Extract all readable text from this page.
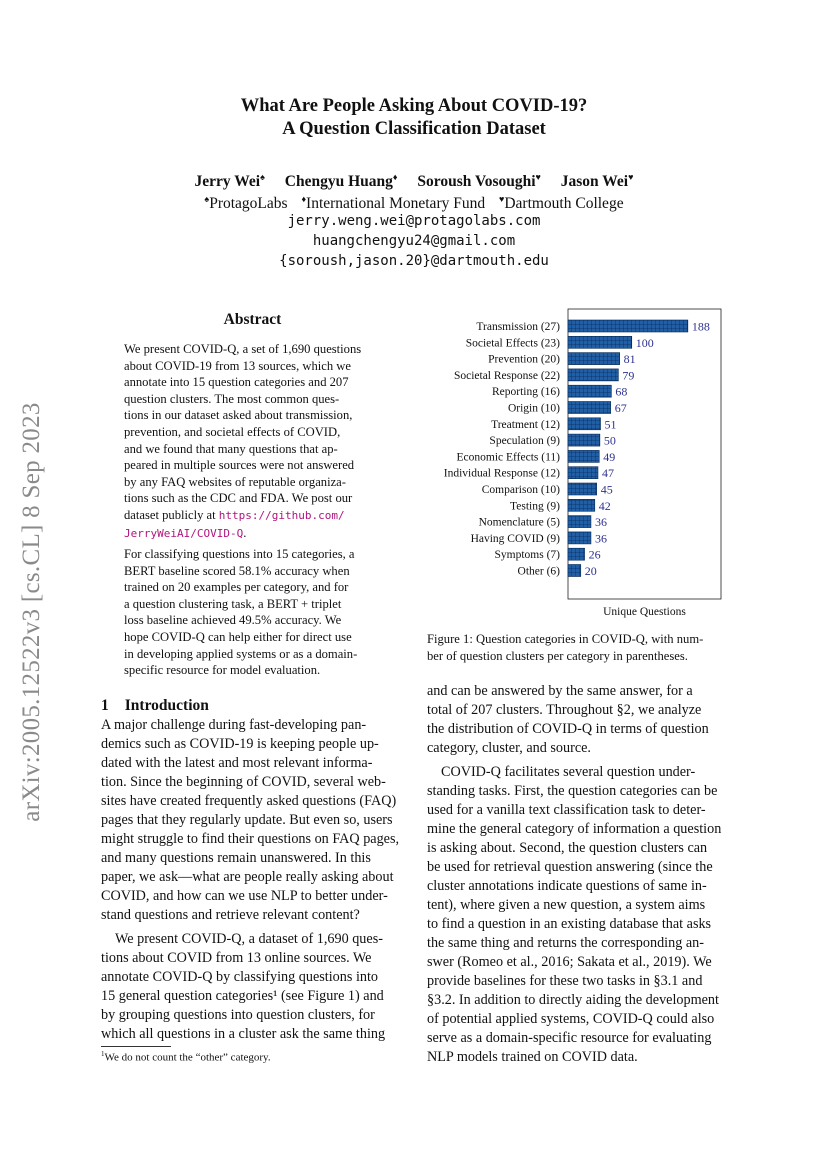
What Are People Asking About COVID-19?
A Question Classification Dataset
Jerry Wei♠ Chengyu Huang♦ Soroush Vosoughi♥ Jason Wei♥
♠ProtagoLabs ♦International Monetary Fund ♥Dartmouth College
jerry.weng.wei@protagolabs.com
huangchengyu24@gmail.com
{soroush,jason.20}@dartmouth.edu
arXiv:2005.12522v3 [cs.CL] 8 Sep 2023
Abstract
We present COVID-Q, a set of 1,690 questions
about COVID-19 from 13 sources, which we
annotate into 15 question categories and 207
question clusters. The most common ques-
tions in our dataset asked about transmission,
prevention, and societal effects of COVID,
and we found that many questions that ap-
peared in multiple sources were not answered
by any FAQ websites of reputable organiza-
tions such as the CDC and FDA. We post our
dataset publicly at https://github.com/
JerryWeiAI/COVID-Q.
For classifying questions into 15 categories, a
BERT baseline scored 58.1% accuracy when
trained on 20 examples per category, and for
a question clustering task, a BERT + triplet
loss baseline achieved 49.5% accuracy. We
hope COVID-Q can help either for direct use
in developing applied systems or as a domain-
specific resource for model evaluation.
1 Introduction
A major challenge during fast-developing pan-
demics such as COVID-19 is keeping people up-
dated with the latest and most relevant informa-
tion. Since the beginning of COVID, several web-
sites have created frequently asked questions (FAQ)
pages that they regularly update. But even so, users
might struggle to find their questions on FAQ pages,
and many questions remain unanswered. In this
paper, we ask—what are people really asking about
COVID, and how can we use NLP to better under-
stand questions and retrieve relevant content?
We present COVID-Q, a dataset of 1,690 ques-
tions about COVID from 13 online sources. We
annotate COVID-Q by classifying questions into
15 general question categories¹ (see Figure 1) and
by grouping questions into question clusters, for
which all questions in a cluster ask the same thing
$^1$We do not count the “other” category.
Transmission (27)	188
Societal Effects (23)	100
Prevention (20)	81
Societal Response (22)	79
Reporting (16)	68
Origin (10)	67
Treatment (12)	51
Speculation (9)	50
Economic Effects (11)	49
Individual Response (12)	47
Comparison (10)	45
Testing (9)	42
Nomenclature (5)	36
Having COVID (9)	36
Symptoms (7) 26
Other (6) 20
Unique Questions
Figure 1: Question categories in COVID-Q, with num-
ber of question clusters per category in parentheses.
and can be answered by the same answer, for a
total of 207 clusters. Throughout §2, we analyze
the distribution of COVID-Q in terms of question
category, cluster, and source.
COVID-Q facilitates several question under-
standing tasks. First, the question categories can be
used for a vanilla text classification task to deter-
mine the general category of information a question
is asking about. Second, the question clusters can
be used for retrieval question answering (since the
cluster annotations indicate questions of same in-
tent), where given a new question, a system aims
to find a question in an existing database that asks
the same thing and returns the corresponding an-
swer (Romeo et al., 2016; Sakata et al., 2019). We
provide baselines for these two tasks in §3.1 and
§3.2. In addition to directly aiding the development
of potential applied systems, COVID-Q could also
serve as a domain-specific resource for evaluating
NLP models trained on COVID data.
